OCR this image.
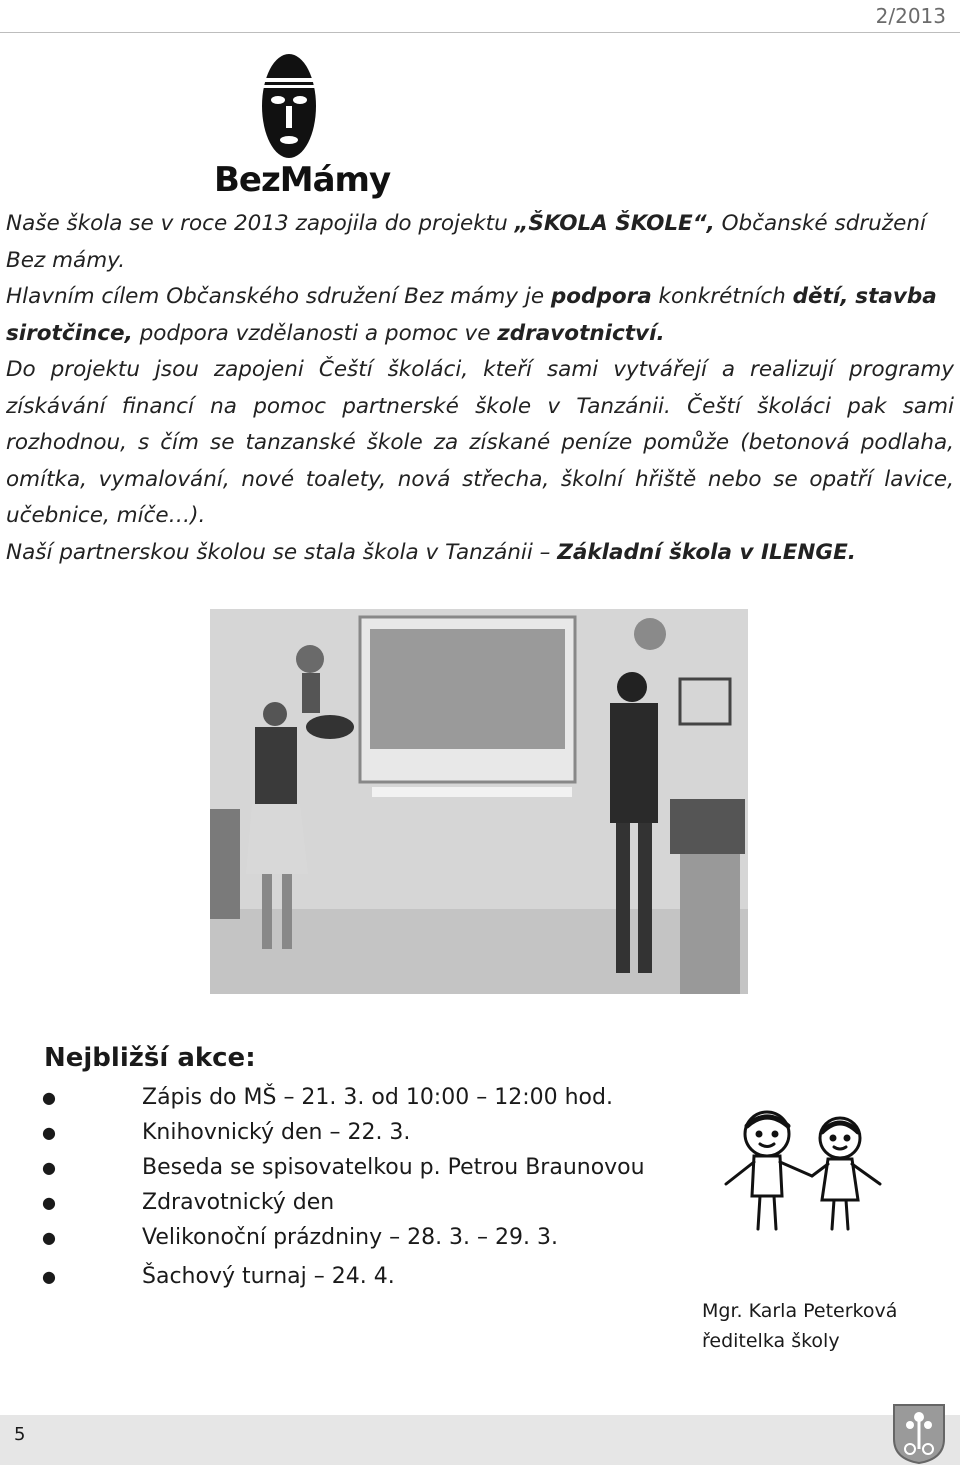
2/2013
BezMámy

Naše škola se v roce 2013 zapojila do projektu „ŠKOLA ŠKOLE“, Občanské sdružení Bez mámy.

Hlavním cílem Občanského sdružení Bez mámy je podpora konkrétních dětí, stavba sirotčince, podpora vzdělanosti a pomoc ve zdravotnictví.

Do projektu jsou zapojeni Čeští školáci, kteří sami vytvářejí a realizují programy získávání financí na pomoc partnerské škole v Tanzánii. Čeští školáci pak sami rozhodnou, s čím se tanzanské škole za získané peníze pomůže (betonová podlaha, omítka, vymalování, nové toalety, nová střecha, školní hřiště nebo se opatří lavice, učebnice, míče…).

Naší partnerskou školou se stala škola v Tanzánii – Základní škola v ILENGE.

Nejbližší akce:
●	Zápis do MŠ – 21. 3. od 10:00 – 12:00 hod.
●	Knihovnický den – 22. 3.
●	Beseda se spisovatelkou p. Petrou Braunovou
●	Zdravotnický den
●	Velikonoční prázdniny – 28. 3. – 29. 3.
●	Šachový turnaj – 24. 4.
Mgr. Karla Peterková
ředitelka školy
5
